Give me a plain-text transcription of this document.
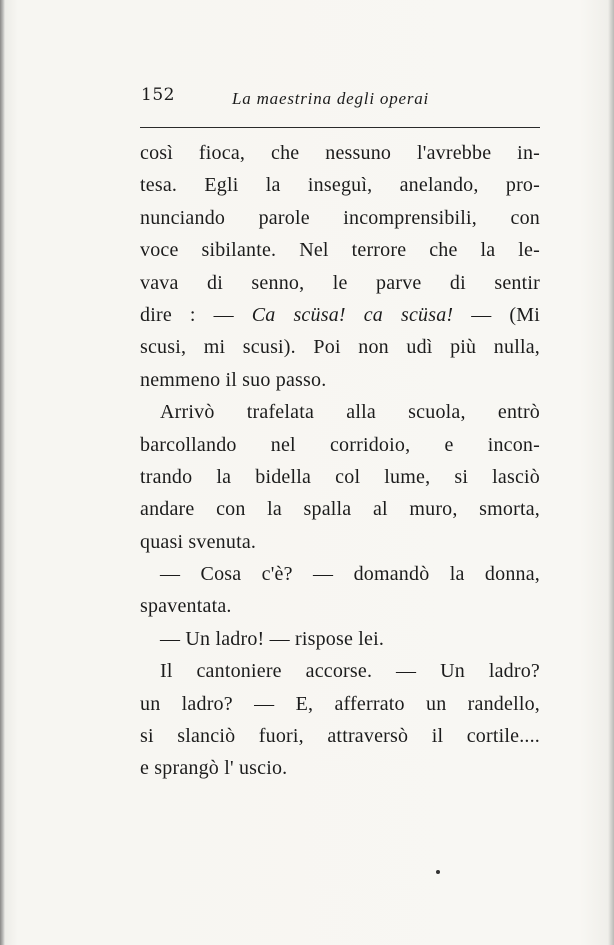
152	La maestrina degli operai
così fioca, che nessuno l'avrebbe in-
tesa. Egli la inseguì, anelando, pro-
nunciando parole incomprensibili, con
voce sibilante. Nel terrore che la le-
vava di senno, le parve di sentir
dire : — Ca scüsa! ca scüsa! — (Mi
scusi, mi scusi). Poi non udì più nulla,
nemmeno il suo passo.
Arrivò trafelata alla scuola, entrò
barcollando nel corridoio, e incon-
trando la bidella col lume, si lasciò
andare con la spalla al muro, smorta,
quasi svenuta.
— Cosa c'è? — domandò la donna,
spaventata.
— Un ladro! — rispose lei.
Il cantoniere accorse. — Un ladro?
un ladro? — E, afferrato un randello,
si slanciò fuori, attraversò il cortile....
e sprangò l' uscio.
